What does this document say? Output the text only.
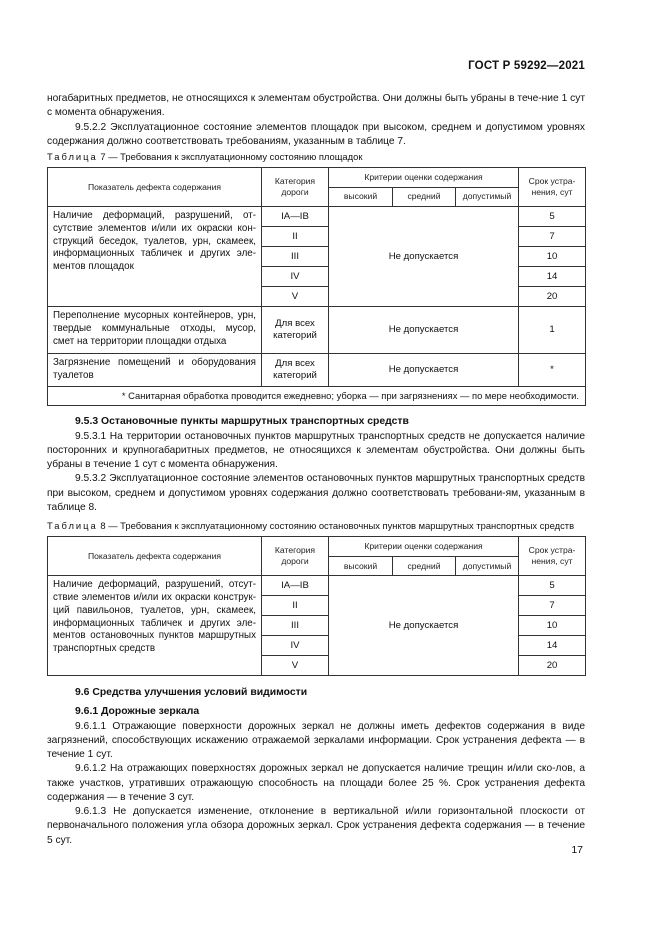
ГОСТ Р 59292—2021

ногабаритных предметов, не относящихся к элементам обустройства. Они должны быть убраны в тече-ние 1 сут с момента обнаружения.

9.5.2.2 Эксплуатационное состояние элементов площадок при высоком, среднем и допустимом уровнях содержания должно соответствовать требованиям, указанным в таблице 7.

Таблица 7 — Требования к эксплуатационному состоянию площадок
Показатель дефекта содержания	Категория дороги	Критерии оценки содержания			Срок устра-нения, сут
		высокий	средний	допустимый	
Наличие деформаций, разрушений, от-сутствие элементов и/или их окраски кон-струкций беседок, туалетов, урн, скамеек, информационных табличек и других эле-ментов площадок	IA—IB	Не допускается			5
	II				7
	III				10
	IV				14
	V				20
Переполнение мусорных контейнеров, урн, твердые коммунальные отходы, мусор, смет на территории площадки отдыха	Для всех категорий	Не допускается			1
Загрязнение помещений и оборудования туалетов	Для всех категорий	Не допускается			*
* Санитарная обработка проводится ежедневно; уборка — при загрязнениях — по мере необходимости.					
9.5.3 Остановочные пункты маршрутных транспортных средств

9.5.3.1 На территории остановочных пунктов маршрутных транспортных средств не допускается наличие посторонних и крупногабаритных предметов, не относящихся к элементам обустройства. Они должны быть убраны в течение 1 сут с момента обнаружения.

9.5.3.2 Эксплуатационное состояние элементов остановочных пунктов маршрутных транспортных средств при высоком, среднем и допустимом уровнях содержания должно соответствовать требовани-ям, указанным в таблице 8.

Таблица 8 — Требования к эксплуатационному состоянию остановочных пунктов маршрутных транспортных средств
Показатель дефекта содержания	Категория дороги	Критерии оценки содержания			Срок устра-нения, сут
		высокий	средний	допустимый	
Наличие деформаций, разрушений, отсут-ствие элементов и/или их окраски конструк-ций павильонов, туалетов, урн, скамеек, информационных табличек и других эле-ментов остановочных пунктов маршрутных транспортных средств	IA—IB	Не допускается			5
	II				7
	III				10
	IV				14
	V				20
9.6 Средства улучшения условий видимости
9.6.1 Дорожные зеркала

9.6.1.1 Отражающие поверхности дорожных зеркал не должны иметь дефектов содержания в виде загрязнений, способствующих искажению отражаемой зеркалами информации. Срок устранения дефекта — в течение 1 сут.

9.6.1.2 На отражающих поверхностях дорожных зеркал не допускается наличие трещин и/или ско-лов, а также участков, утративших отражающую способность на площади более 25 %. Срок устранения дефекта содержания — в течение 3 сут.

9.6.1.3 Не допускается изменение, отклонение в вертикальной и/или горизонтальной плоскости от первоначального положения угла обзора дорожных зеркал. Срок устранения дефекта содержания — в течение 5 сут.

17
